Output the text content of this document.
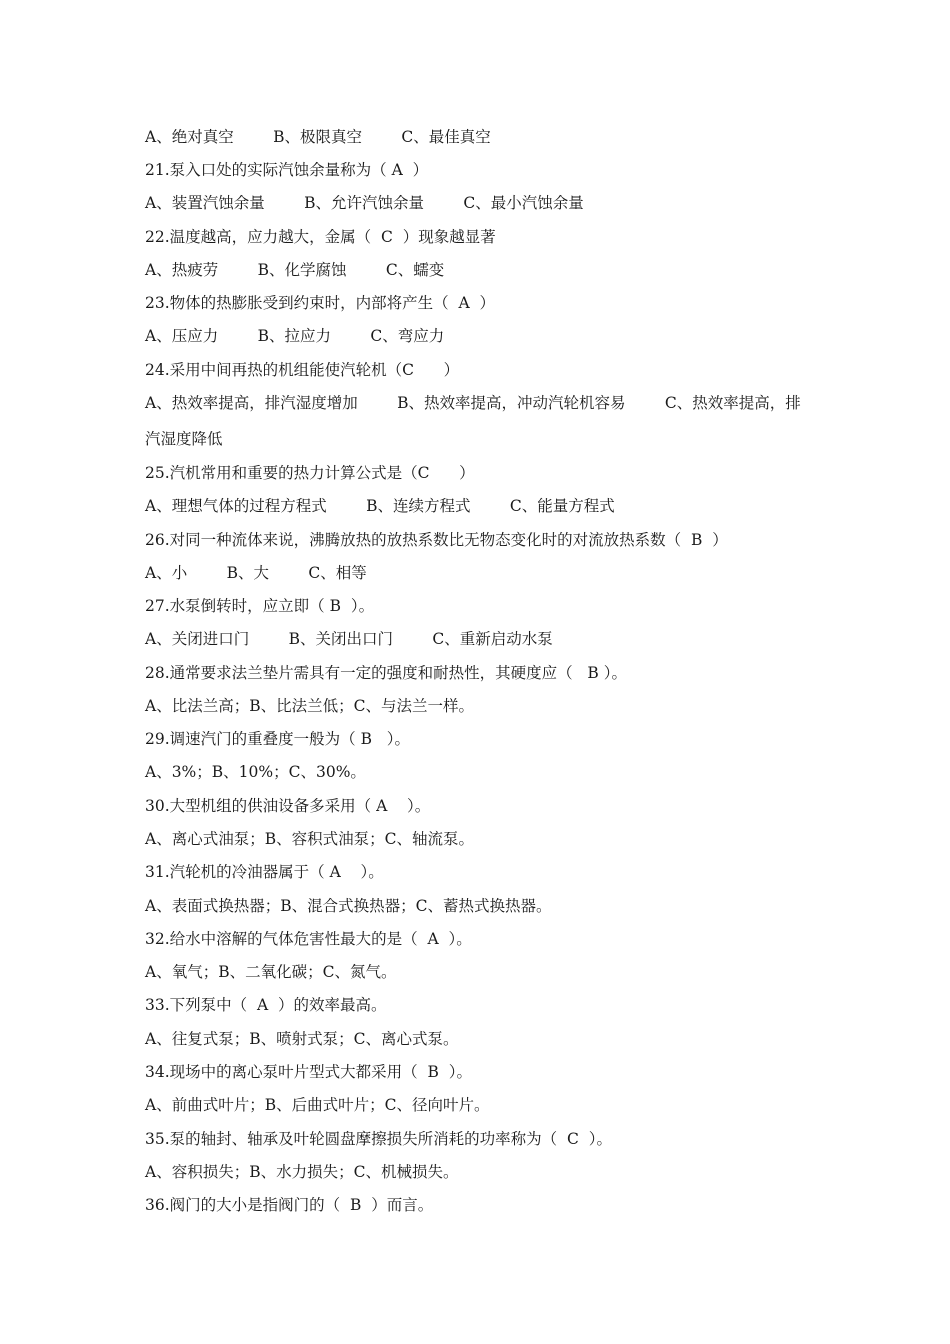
A、绝对真空        B、极限真空        C、最佳真空
21.泵入口处的实际汽蚀余量称为（ A  ）
A、装置汽蚀余量        B、允许汽蚀余量        C、最小汽蚀余量
22.温度越高，应力越大，金属（  C  ）现象越显著
A、热疲劳        B、化学腐蚀        C、蠕变
23.物体的热膨胀受到约束时，内部将产生（  A  ）
A、压应力        B、拉应力        C、弯应力
24.采用中间再热的机组能使汽轮机（C      ）
A、热效率提高，排汽湿度增加        B、热效率提高，冲动汽轮机容易        C、热效率提高，排
汽湿度降低
25.汽机常用和重要的热力计算公式是（C      ）
A、理想气体的过程方程式        B、连续方程式        C、能量方程式
26.对同一种流体来说，沸腾放热的放热系数比无物态变化时的对流放热系数（  B  ）
A、小        B、大        C、相等
27.水泵倒转时，应立即（ B  ）。
A、关闭进口门        B、关闭出口门        C、重新启动水泵
28.通常要求法兰垫片需具有一定的强度和耐热性，其硬度应（   B ）。
A、比法兰高；B、比法兰低；C、与法兰一样。
29.调速汽门的重叠度一般为（ B   ）。
A、3%；B、10%；C、30%。
30.大型机组的供油设备多采用（ A    ）。
A、离心式油泵；B、容积式油泵；C、轴流泵。
31.汽轮机的冷油器属于（ A    ）。
A、表面式换热器；B、混合式换热器；C、蓄热式换热器。
32.给水中溶解的气体危害性最大的是（  A  ）。
A、氧气；B、二氧化碳；C、氮气。
33.下列泵中（  A  ）的效率最高。
A、往复式泵；B、喷射式泵；C、离心式泵。
34.现场中的离心泵叶片型式大都采用（  B  ）。
A、前曲式叶片；B、后曲式叶片；C、径向叶片。
35.泵的轴封、轴承及叶轮圆盘摩擦损失所消耗的功率称为（  C  ）。
A、容积损失；B、水力损失；C、机械损失。
36.阀门的大小是指阀门的（  B  ）而言。
